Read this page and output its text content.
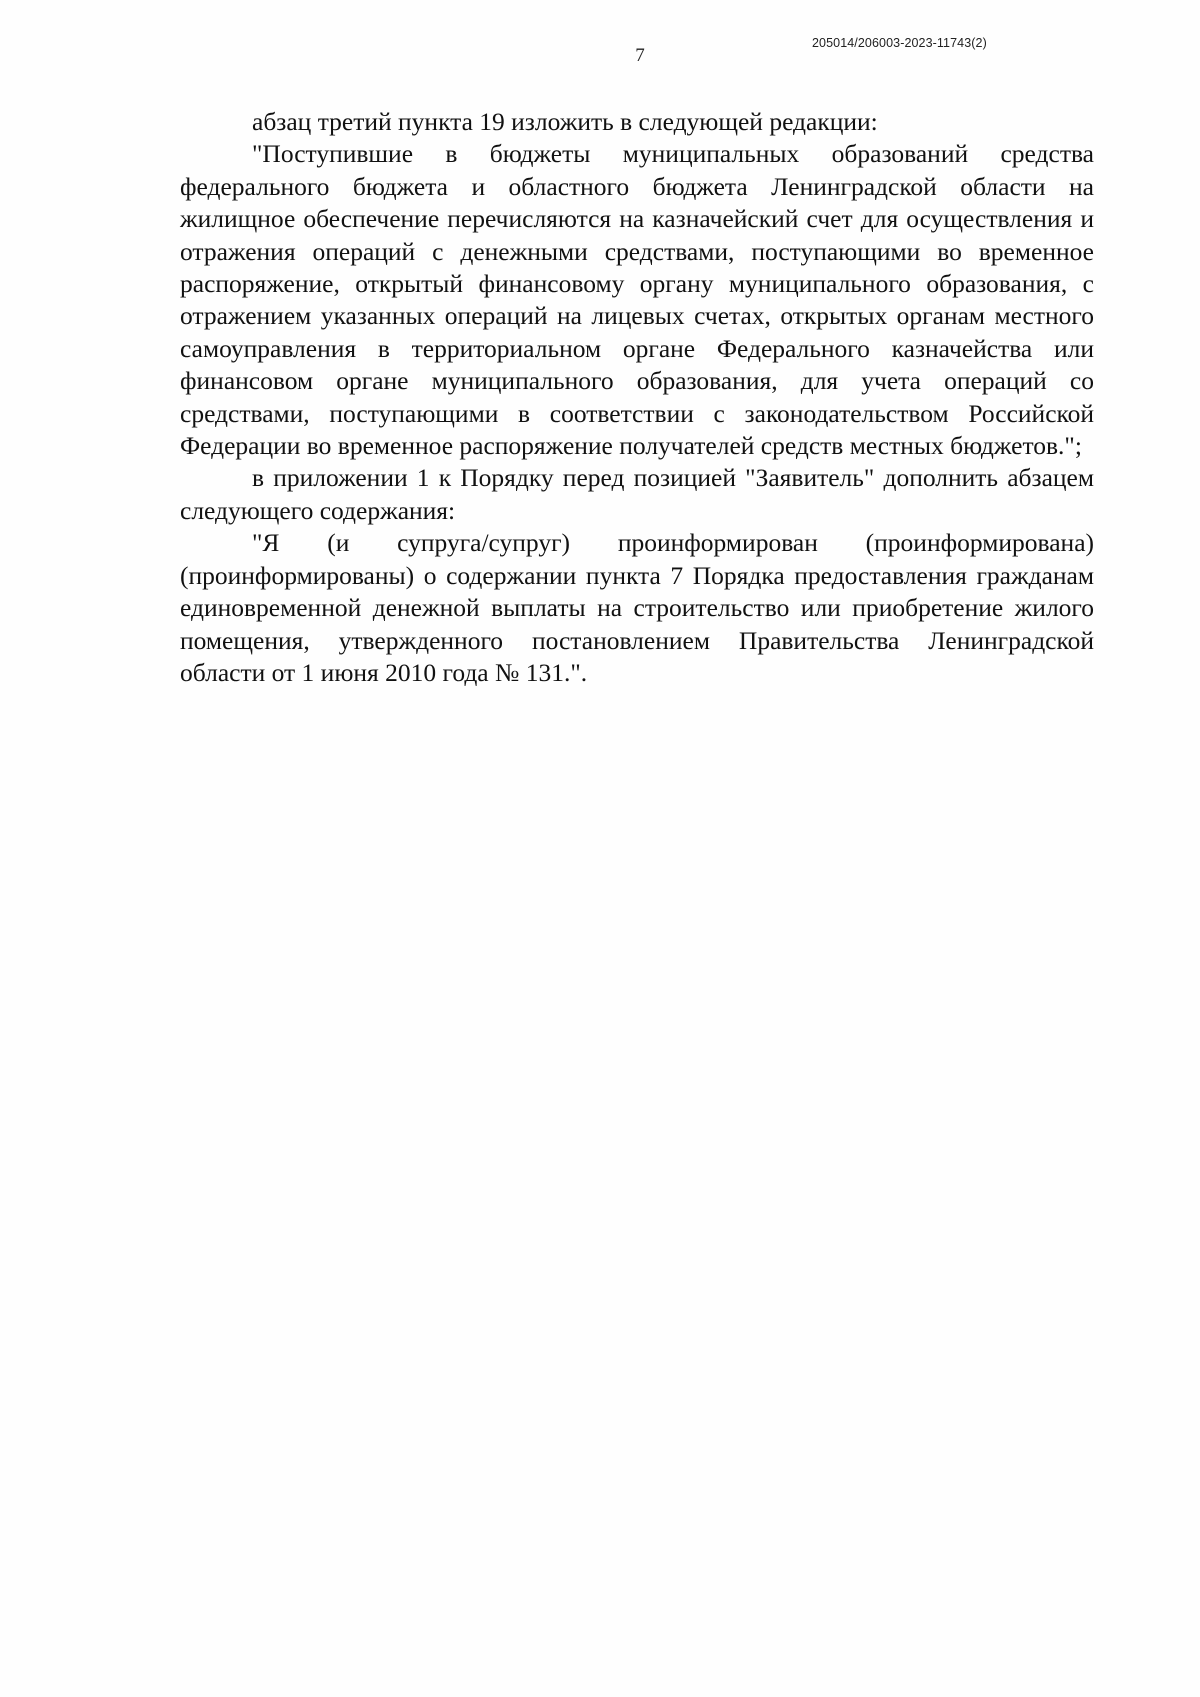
205014/206003-2023-11743(2)
7

абзац третий пункта 19 изложить в следующей редакции:

"Поступившие в бюджеты муниципальных образований средства федерального бюджета и областного бюджета Ленинградской области на жилищное обеспечение перечисляются на казначейский счет для осуществления и отражения операций с денежными средствами, поступающими во временное распоряжение, открытый финансовому органу муниципального образования, с отражением указанных операций на лицевых счетах, открытых органам местного самоуправления в территориальном органе Федерального казначейства или финансовом органе муниципального образования, для учета операций со средствами, поступающими в соответствии с законодательством Российской Федерации во временное распоряжение получателей средств местных бюджетов.";

в приложении 1 к Порядку перед позицией "Заявитель" дополнить абзацем следующего содержания:

"Я (и супруга/супруг) проинформирован (проинформирована) (проинформированы) о содержании пункта 7 Порядка предоставления гражданам единовременной денежной выплаты на строительство или приобретение жилого помещения, утвержденного постановлением Правительства Ленинградской области от 1 июня 2010 года № 131.".
